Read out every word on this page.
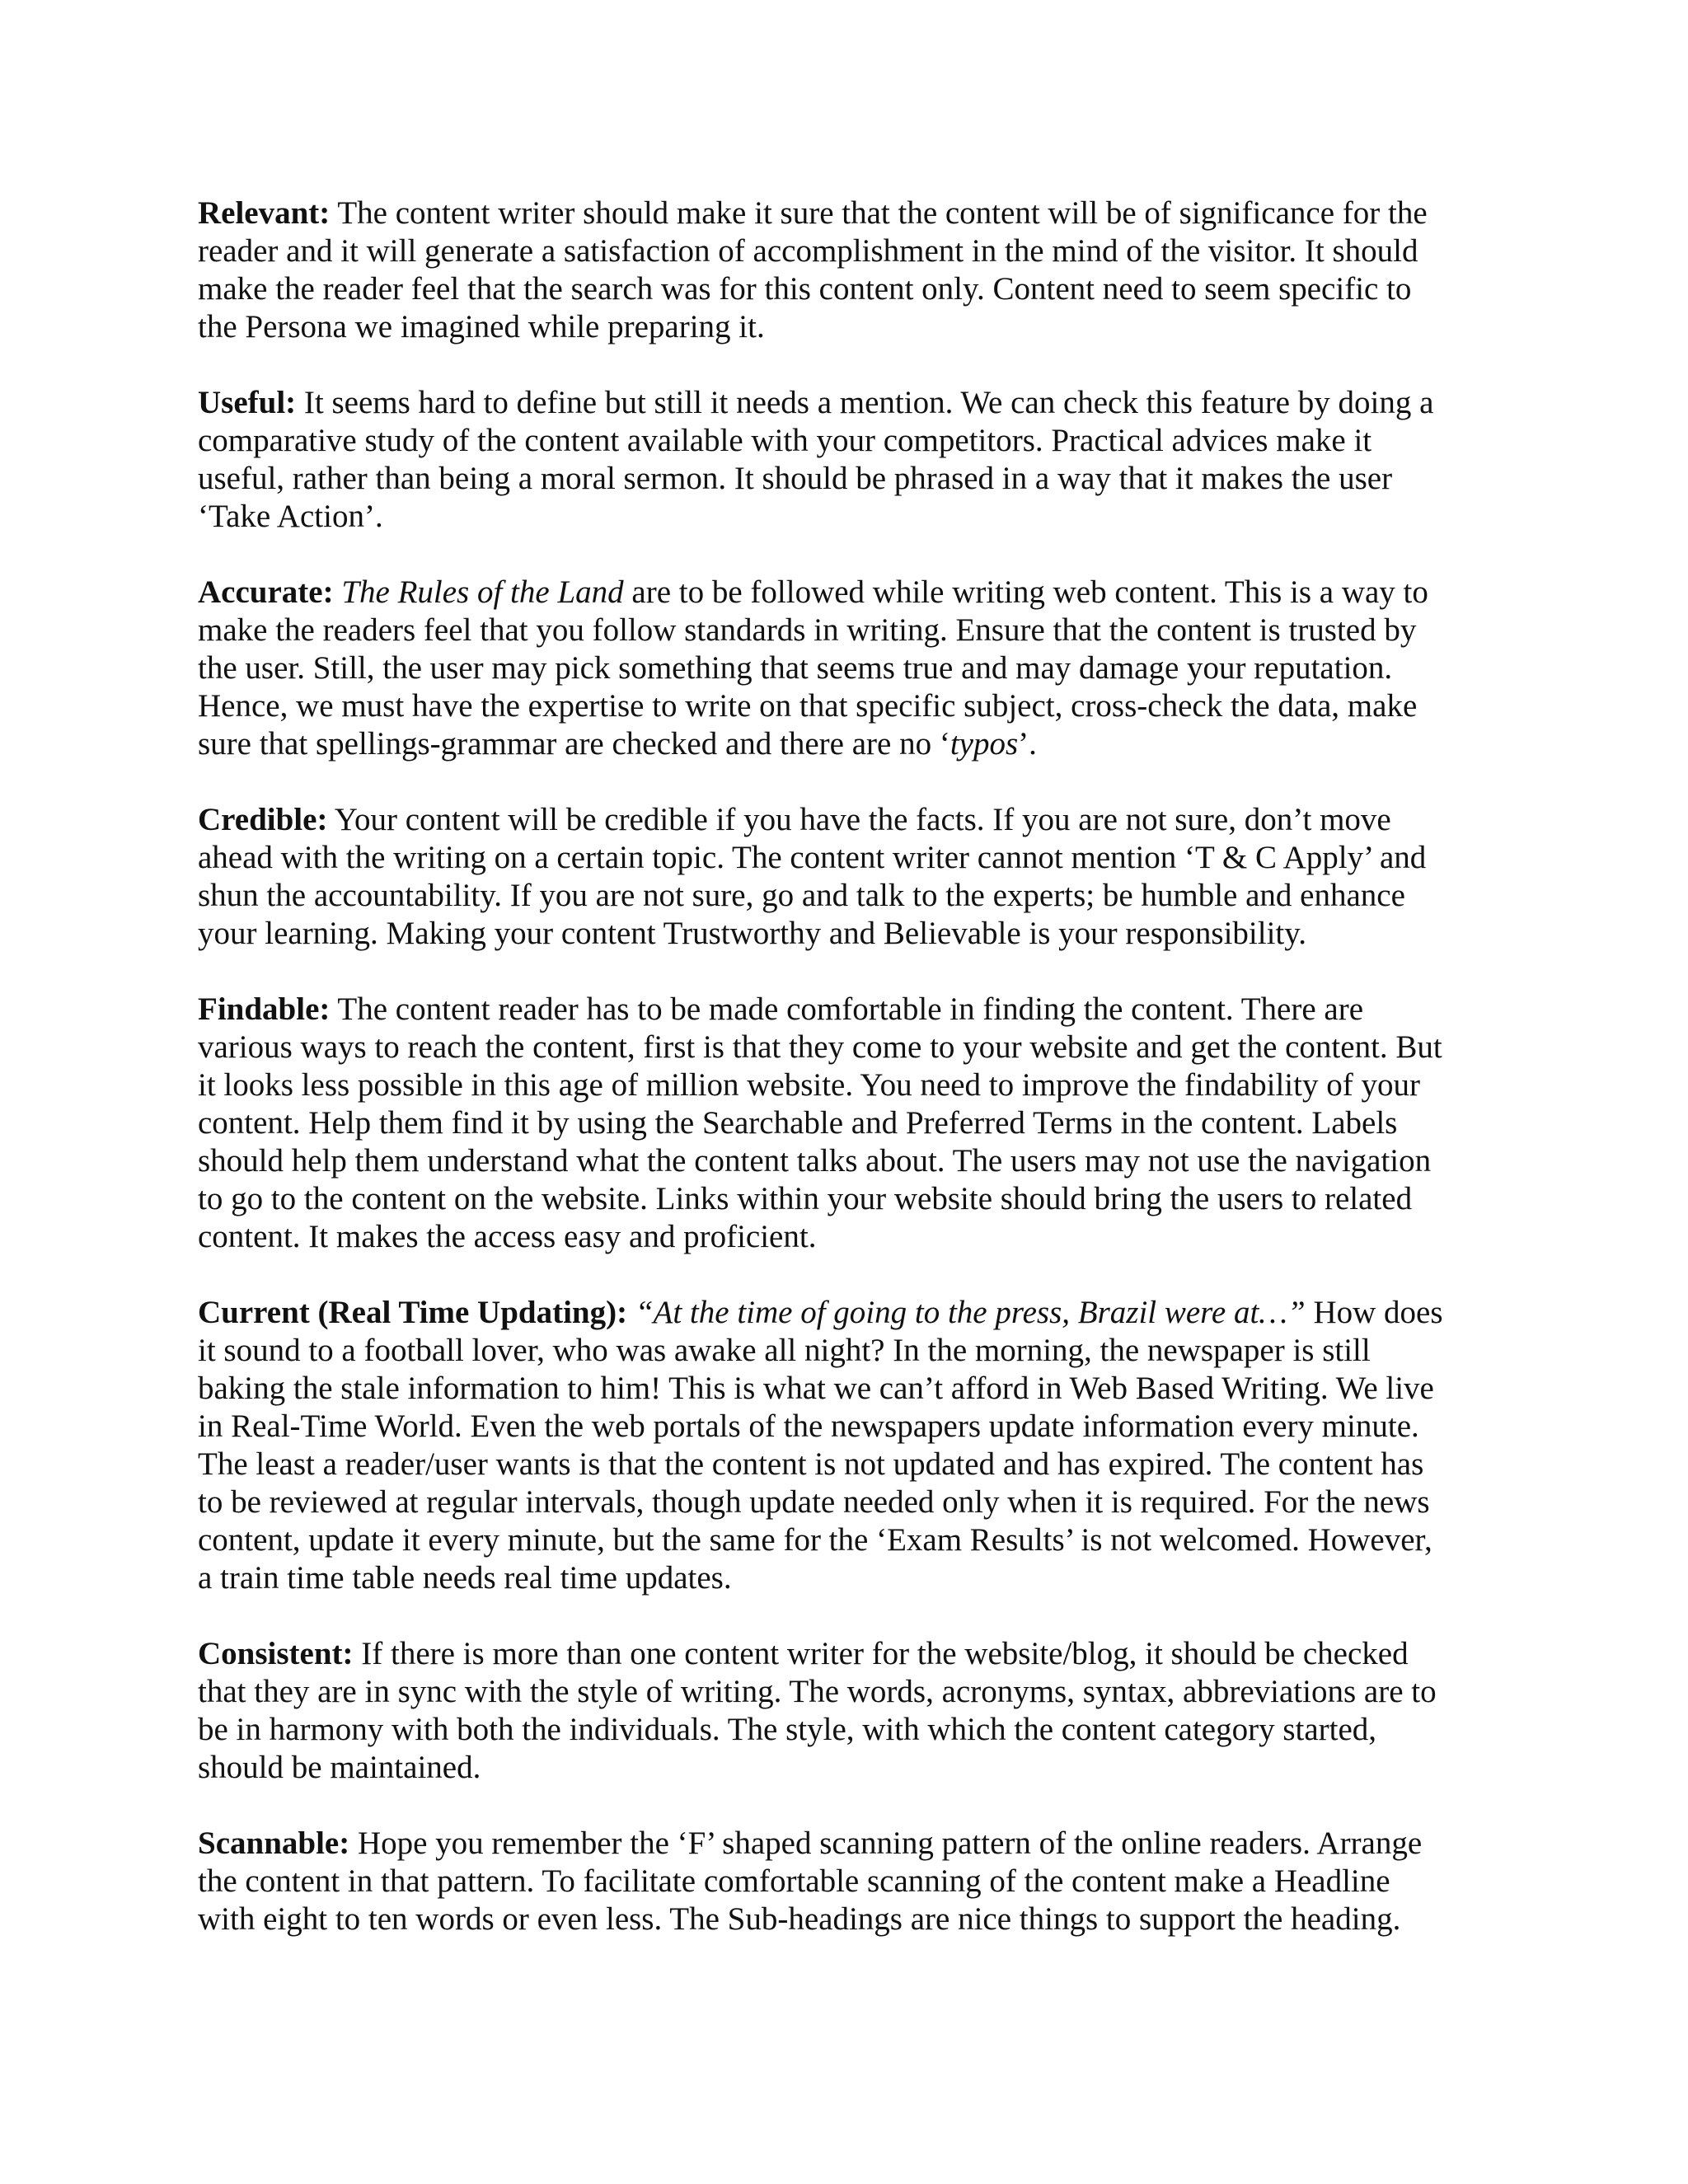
Relevant: The content writer should make it sure that the content will be of significance for the
reader and it will generate a satisfaction of accomplishment in the mind of the visitor. It should
make the reader feel that the search was for this content only. Content need to seem specific to
the Persona we imagined while preparing it.
Useful: It seems hard to define but still it needs a mention. We can check this feature by doing a
comparative study of the content available with your competitors. Practical advices make it
useful, rather than being a moral sermon. It should be phrased in a way that it makes the user
‘Take Action’.
Accurate: The Rules of the Land are to be followed while writing web content. This is a way to
make the readers feel that you follow standards in writing. Ensure that the content is trusted by
the user. Still, the user may pick something that seems true and may damage your reputation.
Hence, we must have the expertise to write on that specific subject, cross-check the data, make
sure that spellings-grammar are checked and there are no ‘typos’.
Credible: Your content will be credible if you have the facts. If you are not sure, don’t move
ahead with the writing on a certain topic. The content writer cannot mention ‘T & C Apply’ and
shun the accountability. If you are not sure, go and talk to the experts; be humble and enhance
your learning. Making your content Trustworthy and Believable is your responsibility.
Findable: The content reader has to be made comfortable in finding the content. There are
various ways to reach the content, first is that they come to your website and get the content. But
it looks less possible in this age of million website. You need to improve the findability of your
content. Help them find it by using the Searchable and Preferred Terms in the content. Labels
should help them understand what the content talks about. The users may not use the navigation
to go to the content on the website. Links within your website should bring the users to related
content. It makes the access easy and proficient.
Current (Real Time Updating): “At the time of going to the press, Brazil were at…” How does
it sound to a football lover, who was awake all night? In the morning, the newspaper is still
baking the stale information to him! This is what we can’t afford in Web Based Writing. We live
in Real-Time World. Even the web portals of the newspapers update information every minute.
The least a reader/user wants is that the content is not updated and has expired. The content has
to be reviewed at regular intervals, though update needed only when it is required. For the news
content, update it every minute, but the same for the ‘Exam Results’ is not welcomed. However,
a train time table needs real time updates.
Consistent: If there is more than one content writer for the website/blog, it should be checked
that they are in sync with the style of writing. The words, acronyms, syntax, abbreviations are to
be in harmony with both the individuals. The style, with which the content category started,
should be maintained.
Scannable: Hope you remember the ‘F’ shaped scanning pattern of the online readers. Arrange
the content in that pattern. To facilitate comfortable scanning of the content make a Headline
with eight to ten words or even less. The Sub-headings are nice things to support the heading.
